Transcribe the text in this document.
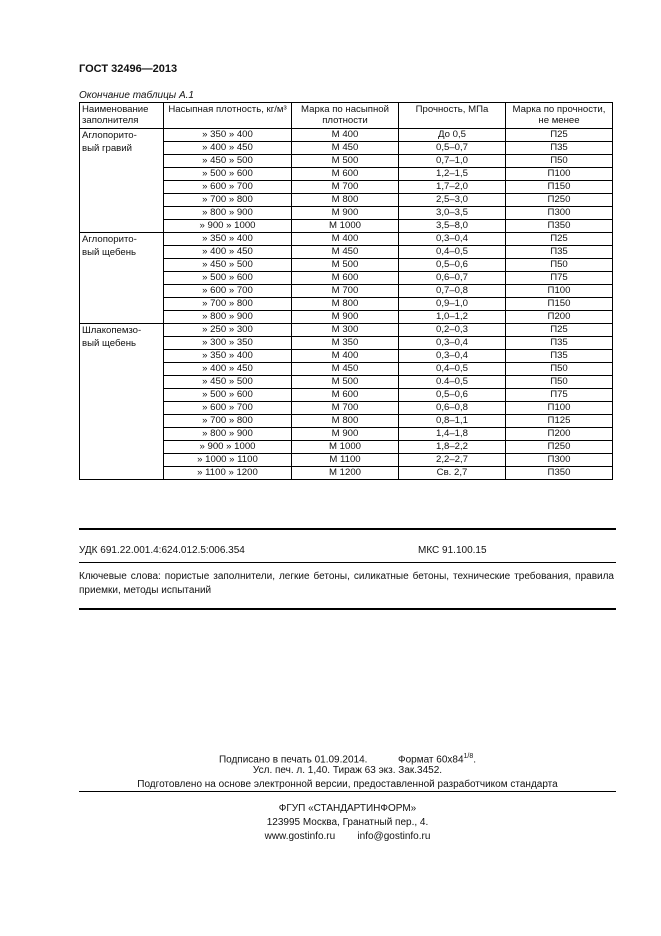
ГОСТ 32496—2013
Окончание таблицы А.1
Наименование заполнителя	Насыпная плотность, кг/м³	Марка по насыпной плотности	Прочность, МПа	Марка по прочности, не менее

Аглопорито-
вый гравий	» 350 » 400	М 400	До 0,5	П25
	» 400 » 450	М 450	0,5–0,7	П35
	» 450 » 500	М 500	0,7–1,0	П50
	» 500 » 600	М 600	1,2–1,5	П100
	» 600 » 700	М 700	1,7–2,0	П150
	» 700 » 800	М 800	2,5–3,0	П250
	» 800 » 900	М 900	3,0–3,5	П300
	» 900 » 1000	М 1000	3,5–8,0	П350

Аглопорито-
вый щебень	» 350 » 400	М 400	0,3–0,4	П25
	» 400 » 450	М 450	0,4–0,5	П35
	» 450 » 500	М 500	0,5–0,6	П50
	» 500 » 600	М 600	0,6–0,7	П75
	» 600 » 700	М 700	0,7–0,8	П100
	» 700 » 800	М 800	0,9–1,0	П150
	» 800 » 900	М 900	1,0–1,2	П200

Шлакопемзо-
вый щебень	» 250 » 300	М 300	0,2–0,3	П25
	» 300 » 350	М 350	0,3–0,4	П35
	» 350 » 400	М 400	0,3–0,4	П35
	» 400 » 450	М 450	0,4–0,5	П50
	» 450 » 500	М 500	0.4–0,5	П50
	» 500 » 600	М 600	0,5–0,6	П75
	» 600 » 700	М 700	0,6–0,8	П100
	» 700 » 800	М 800	0,8–1,1	П125
	» 800 » 900	М 900	1,4–1,8	П200
	» 900 » 1000	М 1000	1,8–2,2	П250
	» 1000 » 1100	М 1100	2,2–2,7	П300
	» 1100 » 1200	М 1200	Св. 2,7	П350
УДК 691.22.001.4:624.012.5:006.354	МКС 91.100.15
Ключевые слова: пористые заполнители, легкие бетоны, силикатные бетоны, технические требования, правила приемки, методы испытаний
Подписано в печать 01.09.2014.	Формат $60x84^{1/8}$.
Усл. печ. л. 1,40. Тираж 63 экз. Зак.3452.
Подготовлено на основе электронной версии, предоставленной разработчиком стандарта
ФГУП «СТАНДАРТИНФОРМ»
123995 Москва, Гранатный пер., 4.
www.gostinfo.ru info@gostinfo.ru
